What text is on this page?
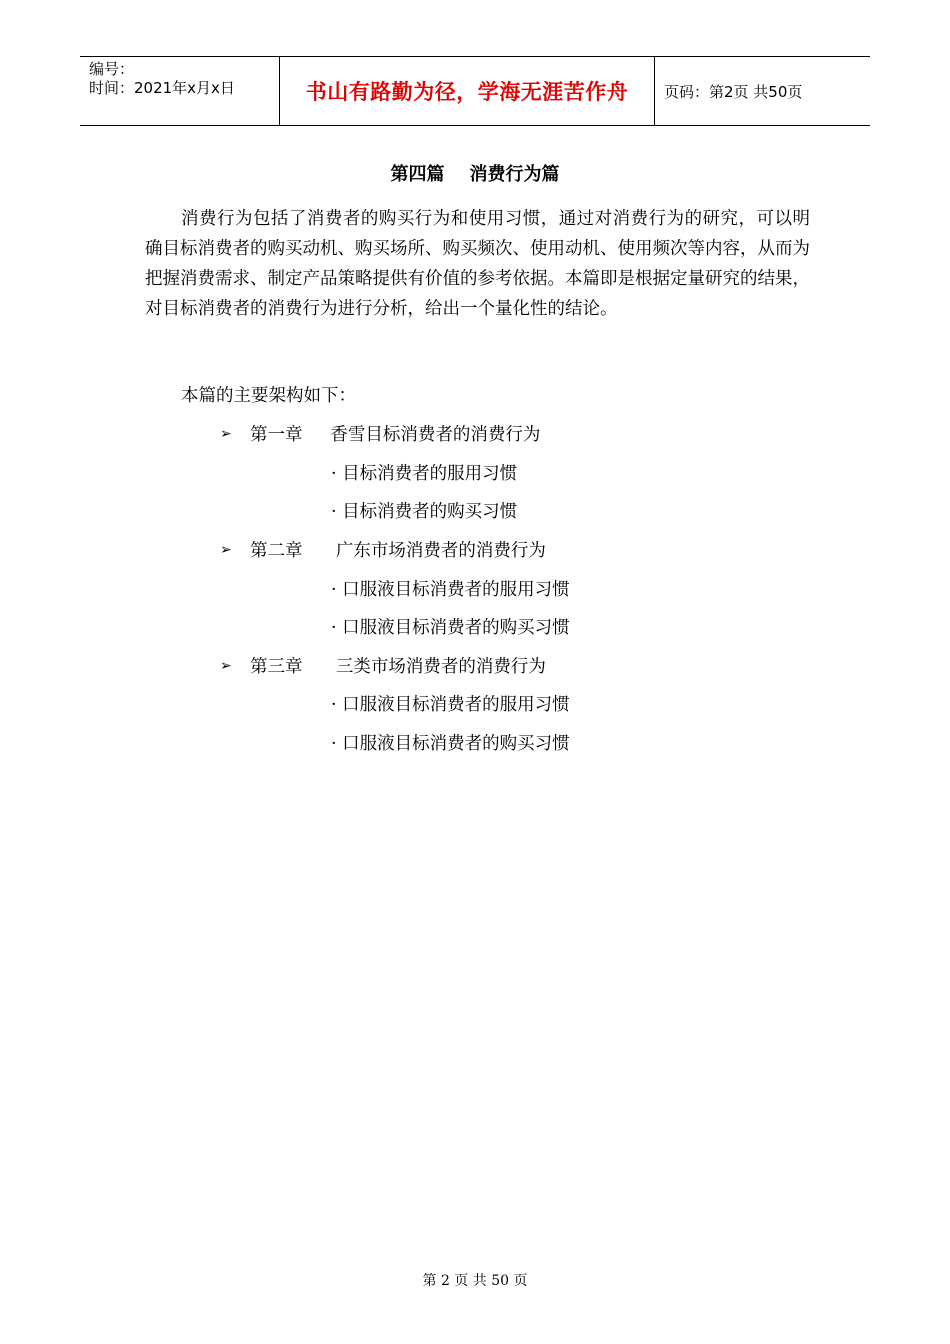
编号：
时间：2021年x月x日	书山有路勤为径，学海无涯苦作舟	页码：第2页 共50页
第四篇    消费行为篇
消费行为包括了消费者的购买行为和使用习惯，通过对消费行为的研究，可以明确目标消费者的购买动机、购买场所、购买频次、使用动机、使用频次等内容，从而为把握消费需求、制定产品策略提供有价值的参考依据。本篇即是根据定量研究的结果，对目标消费者的消费行为进行分析，给出一个量化性的结论。
本篇的主要架构如下：
➢	第一章     香雪目标消费者的消费行为
· 目标消费者的服用习惯
· 目标消费者的购买习惯
➢	第二章      广东市场消费者的消费行为
· 口服液目标消费者的服用习惯
· 口服液目标消费者的购买习惯
➢	第三章      三类市场消费者的消费行为
· 口服液目标消费者的服用习惯
· 口服液目标消费者的购买习惯
第 2 页 共 50 页
